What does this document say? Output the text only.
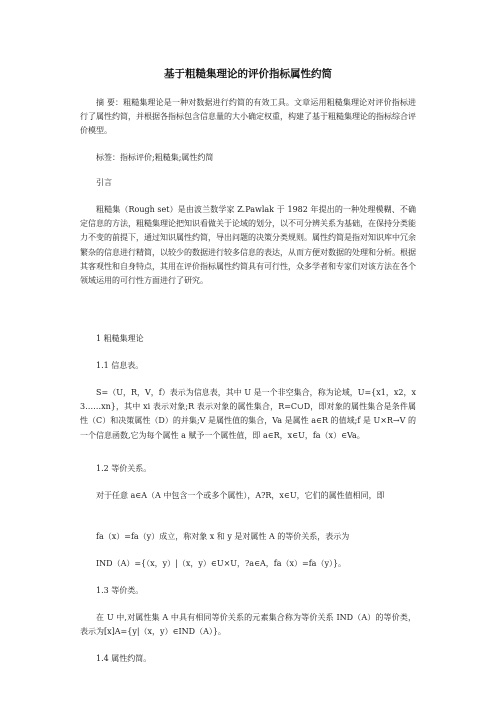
基于粗糙集理论的评价指标属性约简
摘 要：粗糙集理论是一种对数据进行约简的有效工具。文章运用粗糙集理论对评价指标进行了属性约简，并根据各指标包含信息量的大小确定权重，构建了基于粗糙集理论的指标综合评价模型。
标签：指标评价;粗糙集;属性约简
引言
粗糙集（Rough set）是由波兰数学家 Z.Pawlak 于 1982 年提出的一种处理模糊、不确定信息的方法，粗糙集理论把知识看做关于论域的划分，以不可分辨关系为基础，在保持分类能力不变的前提下，通过知识属性约简，导出问题的决策分类规则。属性约简是指对知识库中冗余繁杂的信息进行精简，以较少的数据进行较多信息的表达，从而方便对数据的处理和分析。根据其客观性和自身特点，其用在评价指标属性约简具有可行性，众多学者和专家们对该方法在各个领域运用的可行性方面进行了研究。
1 粗糙集理论
1.1 信息表。
S=（U，R，V，f）表示为信息表，其中 U 是一个非空集合，称为论域，U={x1，x2，x3……xn}，其中 xi 表示对象;R 表示对象的属性集合，R=C∪D，即对象的属性集合是条件属性（C）和决策属性（D）的并集;V 是属性值的集合，Va 是属性 a∈R 的值域;f 是 U×R→V 的一个信息函数,它为每个属性 a 赋予一个属性值，即 a∈R，x∈U，fa（x）∈Va。
1.2 等价关系。
对于任意 a∈A（A 中包含一个或多个属性），A?R，x∈U，它们的属性值相同，即
fa（x）=fa（y）成立，称对象 x 和 y 是对属性 A 的等价关系，表示为
IND（A）={（x，y）|（x，y）∈U×U，?a∈A，fa（x）=fa（y）}。
1.3 等价类。
在 U 中,对属性集 A 中具有相同等价关系的元素集合称为等价关系 IND（A）的等价类，表示为[x]A={y|（x，y）∈IND（A）}。
1.4 属性约简。
